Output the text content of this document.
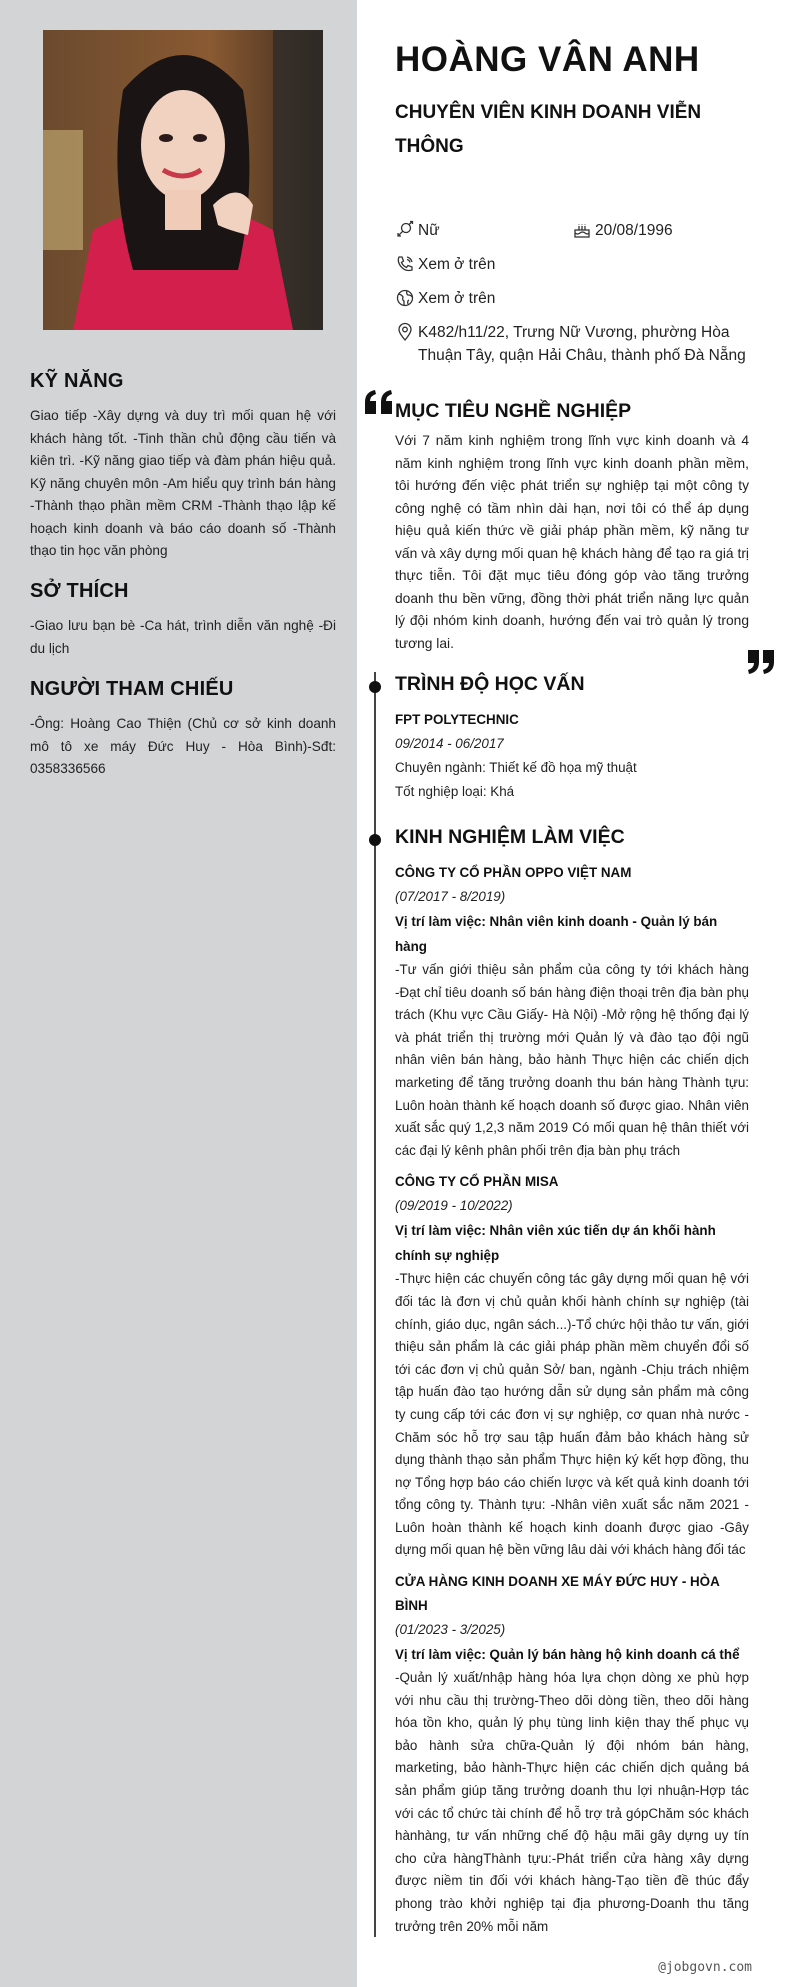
KỸ NĂNG

Giao tiếp -Xây dựng và duy trì mối quan hệ với khách hàng tốt. -Tinh thần chủ động cầu tiến và kiên trì. -Kỹ năng giao tiếp và đàm phán hiệu quả. Kỹ năng chuyên môn -Am hiểu quy trình bán hàng -Thành thạo phần mềm CRM -Thành thạo lập kế hoạch kinh doanh và báo cáo doanh số -Thành thạo tin học văn phòng

SỞ THÍCH

-Giao lưu bạn bè -Ca hát, trình diễn văn nghệ -Đi du lịch

NGƯỜI THAM CHIẾU

-Ông: Hoàng Cao Thiện (Chủ cơ sở kinh doanh mô tô xe máy Đức Huy - Hòa Bình)-Sđt: 0358336566

HOÀNG VÂN ANH
CHUYÊN VIÊN KINH DOANH VIỄN THÔNG
Nữ	20/08/1996
Xem ở trên
Xem ở trên
K482/h11/22, Trưng Nữ Vương, phường Hòa Thuận Tây, quận Hải Châu, thành phố Đà Nẵng
MỤC TIÊU NGHỀ NGHIỆP

Với 7 năm kinh nghiệm trong lĩnh vực kinh doanh và 4 năm kinh nghiệm trong lĩnh vực kinh doanh phần mềm, tôi hướng đến việc phát triển sự nghiệp tại một công ty công nghệ có tầm nhìn dài hạn, nơi tôi có thể áp dụng hiệu quả kiến thức về giải pháp phần mềm, kỹ năng tư vấn và xây dựng mối quan hệ khách hàng để tạo ra giá trị thực tiễn. Tôi đặt mục tiêu đóng góp vào tăng trưởng doanh thu bền vững, đồng thời phát triển năng lực quản lý đội nhóm kinh doanh, hướng đến vai trò quản lý trong tương lai.

TRÌNH ĐỘ HỌC VẤN
FPT POLYTECHNIC
09/2014 - 06/2017
Chuyên ngành: Thiết kế đồ họa mỹ thuật
Tốt nghiệp loại: Khá
KINH NGHIỆM LÀM VIỆC
CÔNG TY CỔ PHẦN OPPO VIỆT NAM
(07/2017 - 8/2019)
Vị trí làm việc: Nhân viên kinh doanh - Quản lý bán hàng
-Tư vấn giới thiệu sản phẩm của công ty tới khách hàng -Đạt chỉ tiêu doanh số bán hàng điện thoại trên địa bàn phụ trách (Khu vực Cầu Giấy- Hà Nội) -Mở rộng hệ thống đại lý và phát triển thị trường mới Quản lý và đào tạo đội ngũ nhân viên bán hàng, bảo hành Thực hiện các chiến dịch marketing để tăng trưởng doanh thu bán hàng Thành tựu: Luôn hoàn thành kế hoạch doanh số được giao. Nhân viên xuất sắc quý 1,2,3 năm 2019 Có mối quan hệ thân thiết với các đại lý kênh phân phối trên địa bàn phụ trách
CÔNG TY CỔ PHẦN MISA
(09/2019 - 10/2022)
Vị trí làm việc: Nhân viên xúc tiến dự án khối hành chính sự nghiệp
-Thực hiện các chuyến công tác gây dựng mối quan hệ với đối tác là đơn vị chủ quản khối hành chính sự nghiệp (tài chính, giáo dục, ngân sách...)-Tổ chức hội thảo tư vấn, giới thiệu sản phẩm là các giải pháp phần mềm chuyển đổi số tới các đơn vị chủ quản Sở/ ban, ngành -Chịu trách nhiệm tập huấn đào tạo hướng dẫn sử dụng sản phẩm mà công ty cung cấp tới các đơn vị sự nghiệp, cơ quan nhà nước -Chăm sóc hỗ trợ sau tập huấn đảm bảo khách hàng sử dụng thành thạo sản phẩm Thực hiện ký kết hợp đồng, thu nợ Tổng hợp báo cáo chiến lược và kết quả kinh doanh tới tổng công ty. Thành tựu: -Nhân viên xuất sắc năm 2021 -Luôn hoàn thành kế hoạch kinh doanh được giao -Gây dựng mối quan hệ bền vững lâu dài với khách hàng đối tác
CỬA HÀNG KINH DOANH XE MÁY ĐỨC HUY - HÒA BÌNH
(01/2023 - 3/2025)
Vị trí làm việc: Quản lý bán hàng hộ kinh doanh cá thể
-Quản lý xuất/nhập hàng hóa lựa chọn dòng xe phù hợp với nhu cầu thị trường-Theo dõi dòng tiền, theo dõi hàng hóa tồn kho, quản lý phụ tùng linh kiện thay thế phục vụ bảo hành sửa chữa-Quản lý đội nhóm bán hàng, marketing, bảo hành-Thực hiện các chiến dịch quảng bá sản phẩm giúp tăng trưởng doanh thu lợi nhuận-Hợp tác với các tổ chức tài chính để hỗ trợ trả gópChăm sóc khách hànhàng, tư vấn những chế độ hậu mãi gây dựng uy tín cho cửa hàngThành tựu:-Phát triển cửa hàng xây dựng được niềm tin đối với khách hàng-Tạo tiền đề thúc đẩy phong trào khởi nghiệp tại địa phương-Doanh thu tăng trưởng trên 20% mỗi năm
@jobgovn.com
